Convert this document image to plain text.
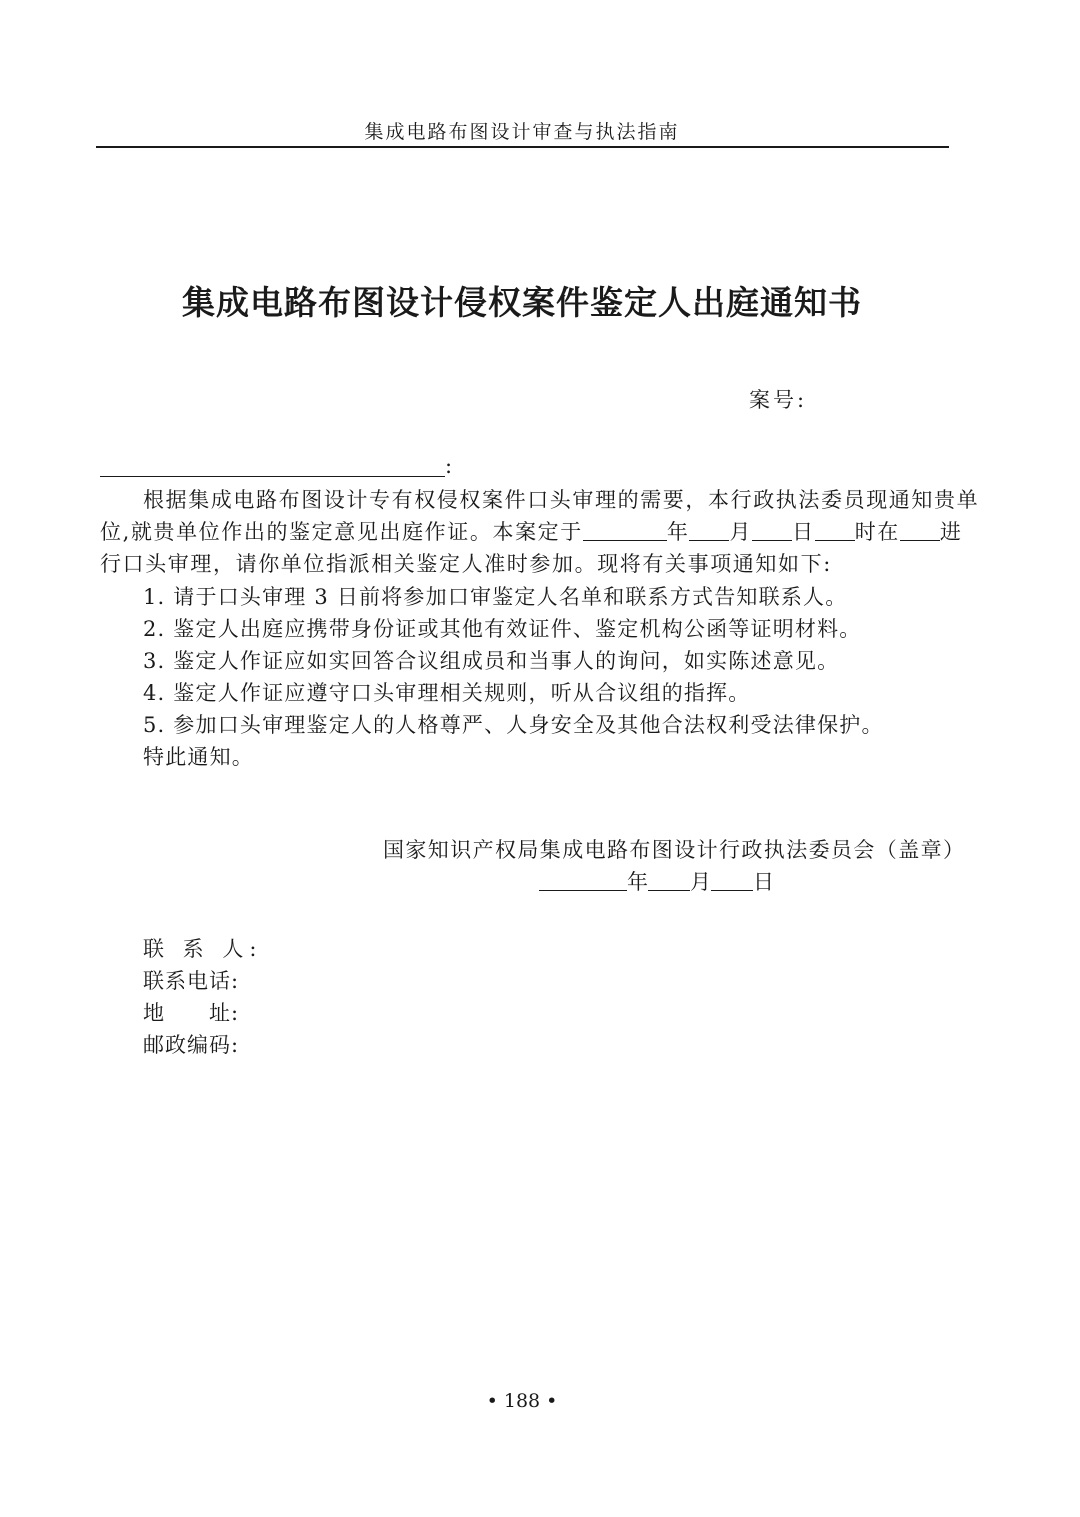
集成电路布图设计审查与执法指南
集成电路布图设计侵权案件鉴定人出庭通知书
案号:
:
根据集成电路布图设计专有权侵权案件口头审理的需要，本行政执法委员现通知贵单
位,就贵单位作出的鉴定意见出庭作证。本案定于	年 月 日 时在 进
行口头审理，请你单位指派相关鉴定人准时参加。现将有关事项通知如下:
1. 请于口头审理 3 日前将参加口审鉴定人名单和联系方式告知联系人。
2. 鉴定人出庭应携带身份证或其他有效证件、鉴定机构公函等证明材料。
3. 鉴定人作证应如实回答合议组成员和当事人的询问，如实陈述意见。
4. 鉴定人作证应遵守口头审理相关规则，听从合议组的指挥。
5. 参加口头审理鉴定人的人格尊严、人身安全及其他合法权利受法律保护。
特此通知。
国家知识产权局集成电路布图设计行政执法委员会（盖章）
年 月 日
联 系 人:
联系电话:
地　　址:
邮政编码:
• 188 •
